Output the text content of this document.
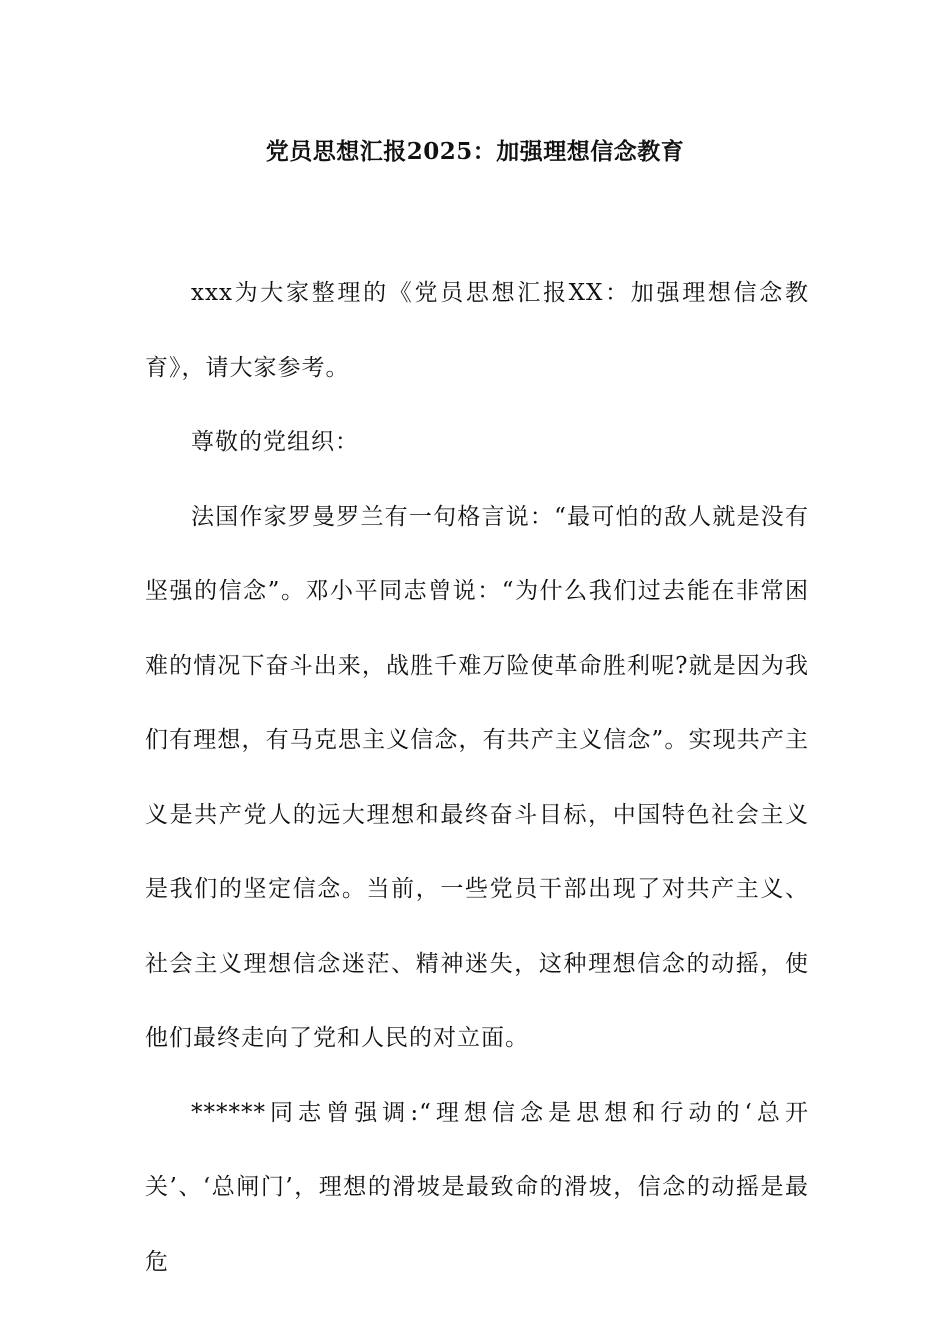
党员思想汇报2025：加强理想信念教育

xxx为大家整理的《党员思想汇报XX：加强理想信念教育》，请大家参考。

尊敬的党组织：

法国作家罗曼罗兰有一句格言说：“最可怕的敌人就是没有坚强的信念”。邓小平同志曾说：“为什么我们过去能在非常困难的情况下奋斗出来，战胜千难万险使革命胜利呢?就是因为我们有理想，有马克思主义信念，有共产主义信念”。实现共产主义是共产党人的远大理想和最终奋斗目标，中国特色社会主义是我们的坚定信念。当前，一些党员干部出现了对共产主义、社会主义理想信念迷茫、精神迷失，这种理想信念的动摇，使他们最终走向了党和人民的对立面。

******同志曾强调:“理想信念是思想和行动的‘总开关’、‘总闸门’，理想的滑坡是最致命的滑坡，信念的动摇是最危
